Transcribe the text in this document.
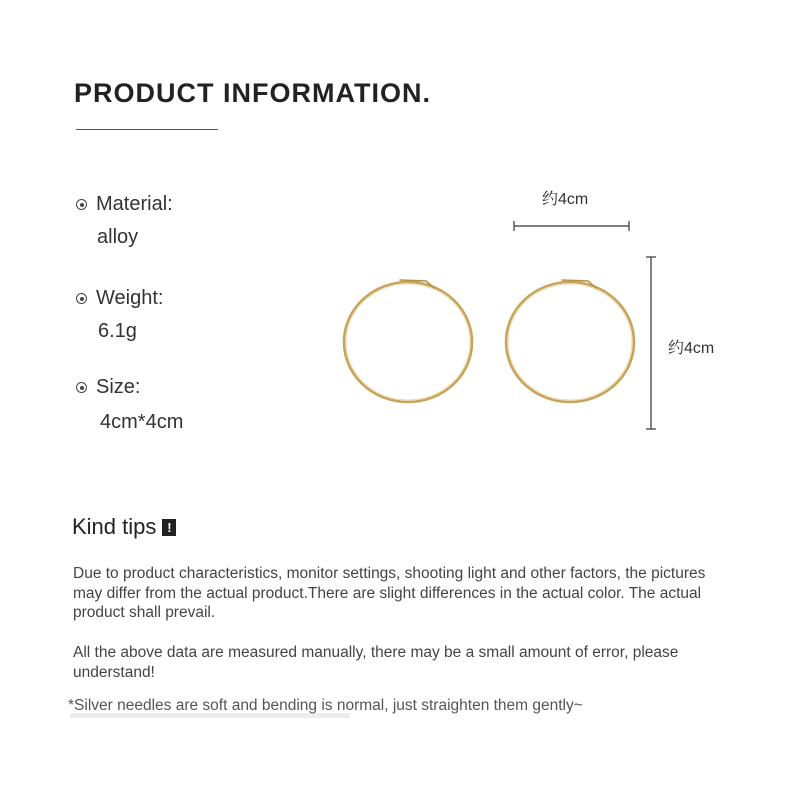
PRODUCT INFORMATION.
Material:
alloy
Weight:
6.1g
Size:
4cm*4cm
约4cm
约4cm
Kind tips !
Due to product characteristics, monitor settings, shooting light and other factors, the pictures may differ from the actual product.There are slight differences in the actual color. The actual product shall prevail.
All the above data are measured manually, there may be a small amount of error, please understand!
*Silver needles are soft and bending is normal, just straighten them gently~
